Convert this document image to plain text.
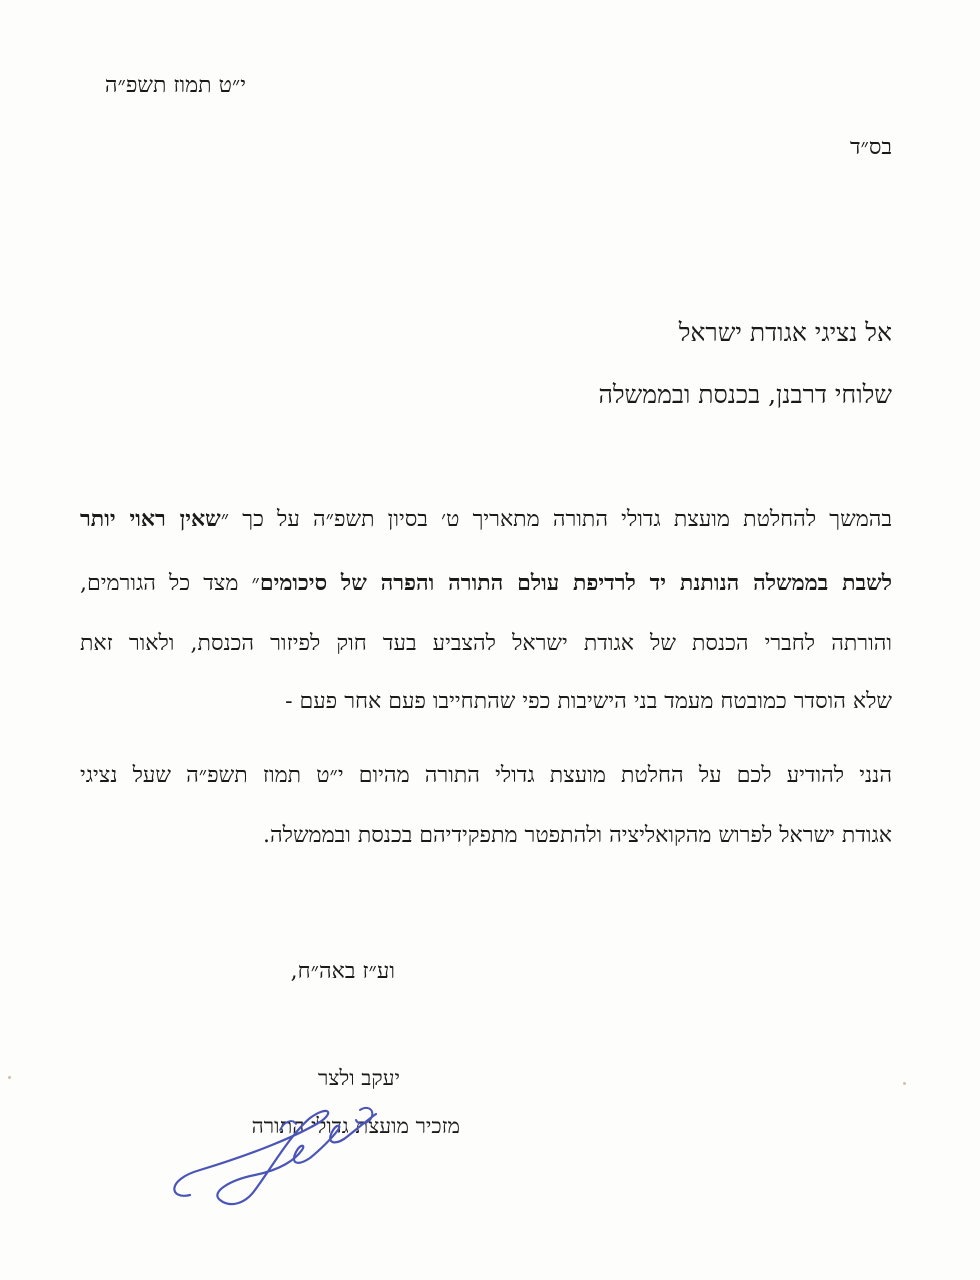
י״ט תמוז תשפ״ה
בס״ד
אל נציגי אגודת ישראל
שלוחי דרבנן, בכנסת ובממשלה
בהמשך להחלטת מועצת גדולי התורה מתאריך ט׳ בסיון תשפ״ה על כך ״שאין ראוי יותר
לשבת בממשלה הנותנת יד לרדיפת עולם התורה והפרה של סיכומים״ מצד כל הגורמים,
והורתה לחברי הכנסת של אגודת ישראל להצביע בעד חוק לפיזור הכנסת, ולאור זאת
שלא הוסדר כמובטח מעמד בני הישיבות כפי שהתחייבו פעם אחר פעם -
הנני להודיע לכם על החלטת מועצת גדולי התורה מהיום י״ט תמוז תשפ״ה שעל נציגי
אגודת ישראל לפרוש מהקואליציה ולהתפטר מתפקידיהם בכנסת ובממשלה.
וע״ז באה״ח,
יעקב ולצר
מזכיר מועצת גדולי התורה
